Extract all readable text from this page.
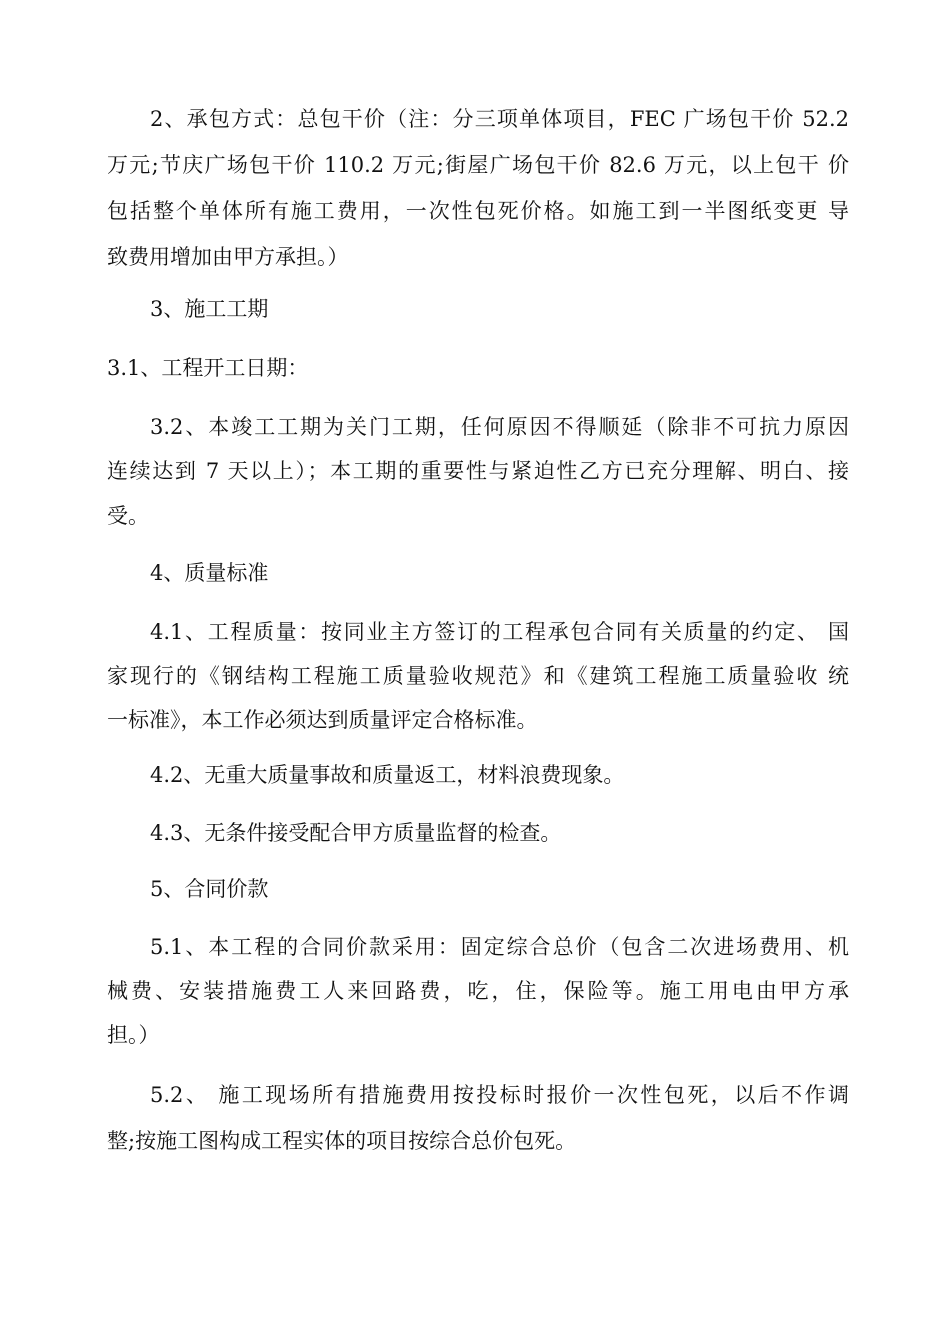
2、承包方式：总包干价（注：分三项单体项目，FEC 广场包干价 52.2
万元;节庆广场包干价 110.2 万元;街屋广场包干价 82.6 万元，以上包干 价
包括整个单体所有施工费用，一次性包死价格。如施工到一半图纸变更 导
致费用增加由甲方承担。）
3、施工工期
3.1、工程开工日期：
3.2、本竣工工期为关门工期，任何原因不得顺延（除非不可抗力原因
连续达到 7 天以上）；本工期的重要性与紧迫性乙方已充分理解、明白、接
受。
4、质量标准
4.1、工程质量：按同业主方签订的工程承包合同有关质量的约定、 国
家现行的《钢结构工程施工质量验收规范》和《建筑工程施工质量验收 统
一标准》，本工作必须达到质量评定合格标准。
4.2、无重大质量事故和质量返工，材料浪费现象。
4.3、无条件接受配合甲方质量监督的检查。
5、合同价款
5.1、本工程的合同价款采用：固定综合总价（包含二次进场费用、机
械费、安装措施费工人来回路费，吃，住，保险等。施工用电由甲方承
担。）
5.2、 施工现场所有措施费用按投标时报价一次性包死，以后不作调
整;按施工图构成工程实体的项目按综合总价包死。
